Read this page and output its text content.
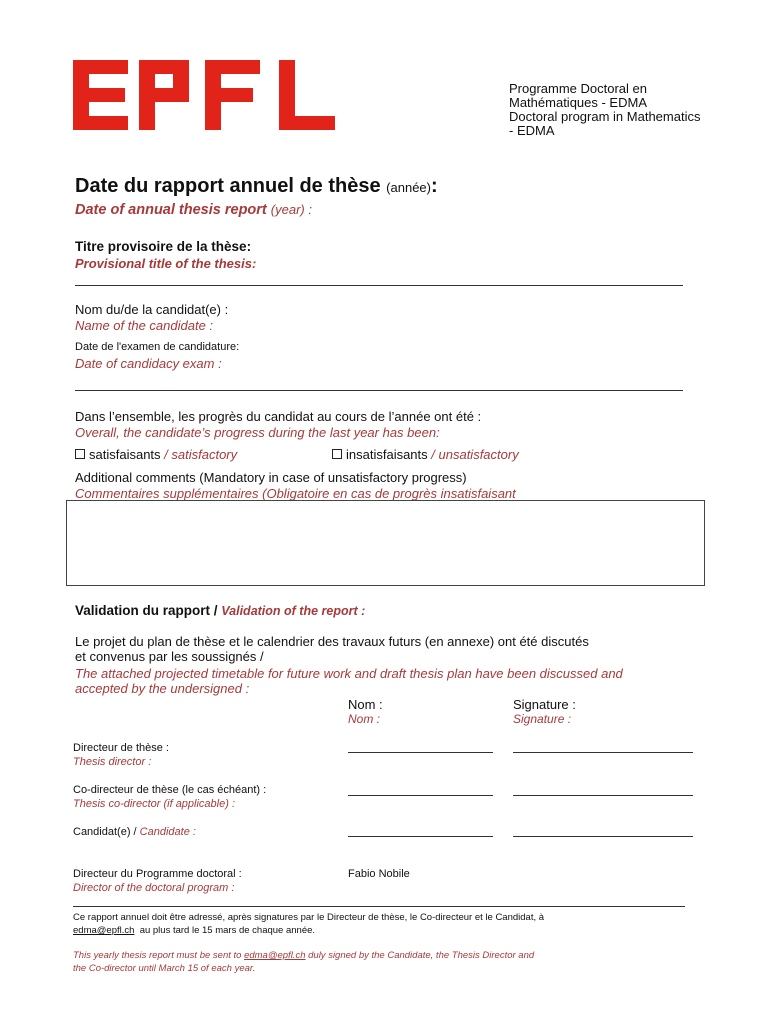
Programme Doctoral en
Mathématiques - EDMA
Doctoral program in Mathematics
- EDMA
Date du rapport annuel de thèse (année):
Date of annual thesis report (year) :
Titre provisoire de la thèse:
Provisional title of the thesis:
Nom du/de la candidat(e) :
Name of the candidate :
Date de l'examen de candidature:
Date of candidacy exam :
Dans l’ensemble, les progrès du candidat au cours de l’année ont été :
Overall, the candidate’s progress during the last year has been:
satisfaisants / satisfactory	insatisfaisants / unsatisfactory
Additional comments (Mandatory in case of unsatisfactory progress)
Commentaires supplémentaires (Obligatoire en cas de progrès insatisfaisant
Validation du rapport / Validation of the report :
Le projet du plan de thèse et le calendrier des travaux futurs (en annexe) ont été discutés
et convenus par les soussignés /
The attached projected timetable for future work and draft thesis plan have been discussed and
accepted by the undersigned :
Nom :
Nom :
Signature :
Signature :
Directeur de thèse :
Thesis director :
Co-directeur de thèse (le cas échéant) :
Thesis co-director (if applicable) :
Candidat(e) / Candidate :
Directeur du Programme doctoral :
Director of the doctoral program :
Fabio Nobile
Ce rapport annuel doit être adressé, après signatures par le Directeur de thèse, le Co-directeur et le Candidat, à
edma@epfl.ch au plus tard le 15 mars de chaque année.
This yearly thesis report must be sent to edma@epfl.ch duly signed by the Candidate, the Thesis Director and
the Co-director until March 15 of each year.
